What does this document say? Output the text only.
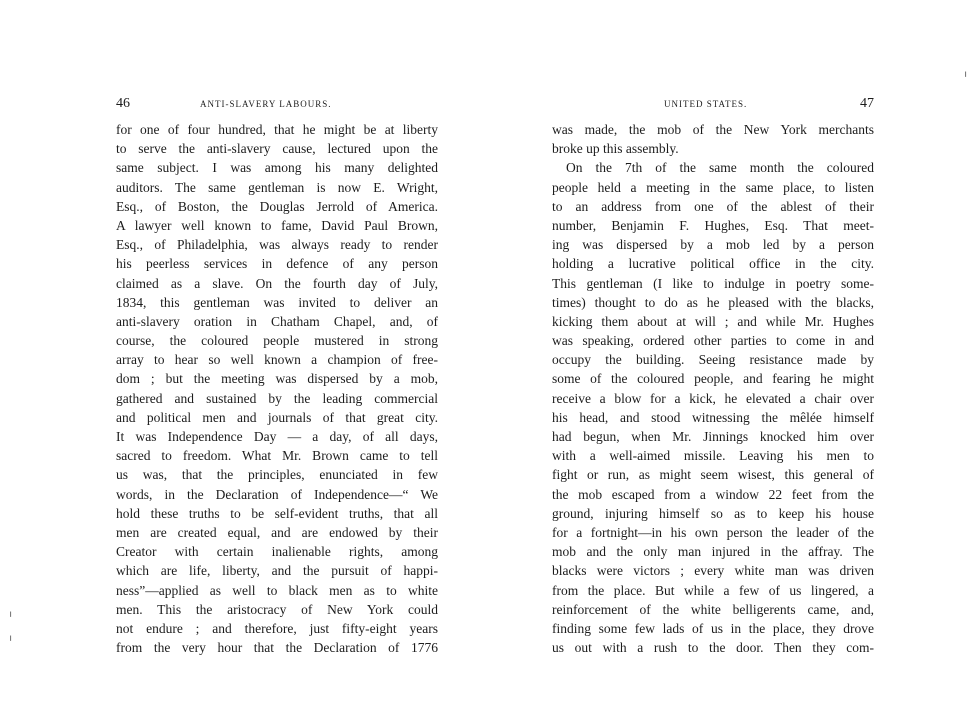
46	ANTI-SLAVERY LABOURS.
for one of four hundred, that he might be at liberty
to serve the anti-slavery cause, lectured upon the
same subject. I was among his many delighted
auditors. The same gentleman is now E. Wright,
Esq., of Boston, the Douglas Jerrold of America.
A lawyer well known to fame, David Paul Brown,
Esq., of Philadelphia, was always ready to render
his peerless services in defence of any person
claimed as a slave. On the fourth day of July,
1834, this gentleman was invited to deliver an
anti-slavery oration in Chatham Chapel, and, of
course, the coloured people mustered in strong
array to hear so well known a champion of free-
dom ; but the meeting was dispersed by a mob,
gathered and sustained by the leading commercial
and political men and journals of that great city.
It was Independence Day — a day, of all days,
sacred to freedom. What Mr. Brown came to tell
us was, that the principles, enunciated in few
words, in the Declaration of Independence—“ We
hold these truths to be self-evident truths, that all
men are created equal, and are endowed by their
Creator with certain inalienable rights, among
which are life, liberty, and the pursuit of happi-
ness”—applied as well to black men as to white
men. This the aristocracy of New York could
not endure ; and therefore, just fifty-eight years
from the very hour that the Declaration of 1776
UNITED STATES.	47
was made, the mob of the New York merchants
broke up this assembly.
On the 7th of the same month the coloured
people held a meeting in the same place, to listen
to an address from one of the ablest of their
number, Benjamin F. Hughes, Esq. That meet-
ing was dispersed by a mob led by a person
holding a lucrative political office in the city.
This gentleman (I like to indulge in poetry some-
times) thought to do as he pleased with the blacks,
kicking them about at will ; and while Mr. Hughes
was speaking, ordered other parties to come in and
occupy the building. Seeing resistance made by
some of the coloured people, and fearing he might
receive a blow for a kick, he elevated a chair over
his head, and stood witnessing the mêlée himself
had begun, when Mr. Jinnings knocked him over
with a well-aimed missile. Leaving his men to
fight or run, as might seem wisest, this general of
the mob escaped from a window 22 feet from the
ground, injuring himself so as to keep his house
for a fortnight—in his own person the leader of the
mob and the only man injured in the affray. The
blacks were victors ; every white man was driven
from the place. But while a few of us lingered, a
reinforcement of the white belligerents came, and,
finding some few lads of us in the place, they drove
us out with a rush to the door. Then they com-
╵
╵
╵
